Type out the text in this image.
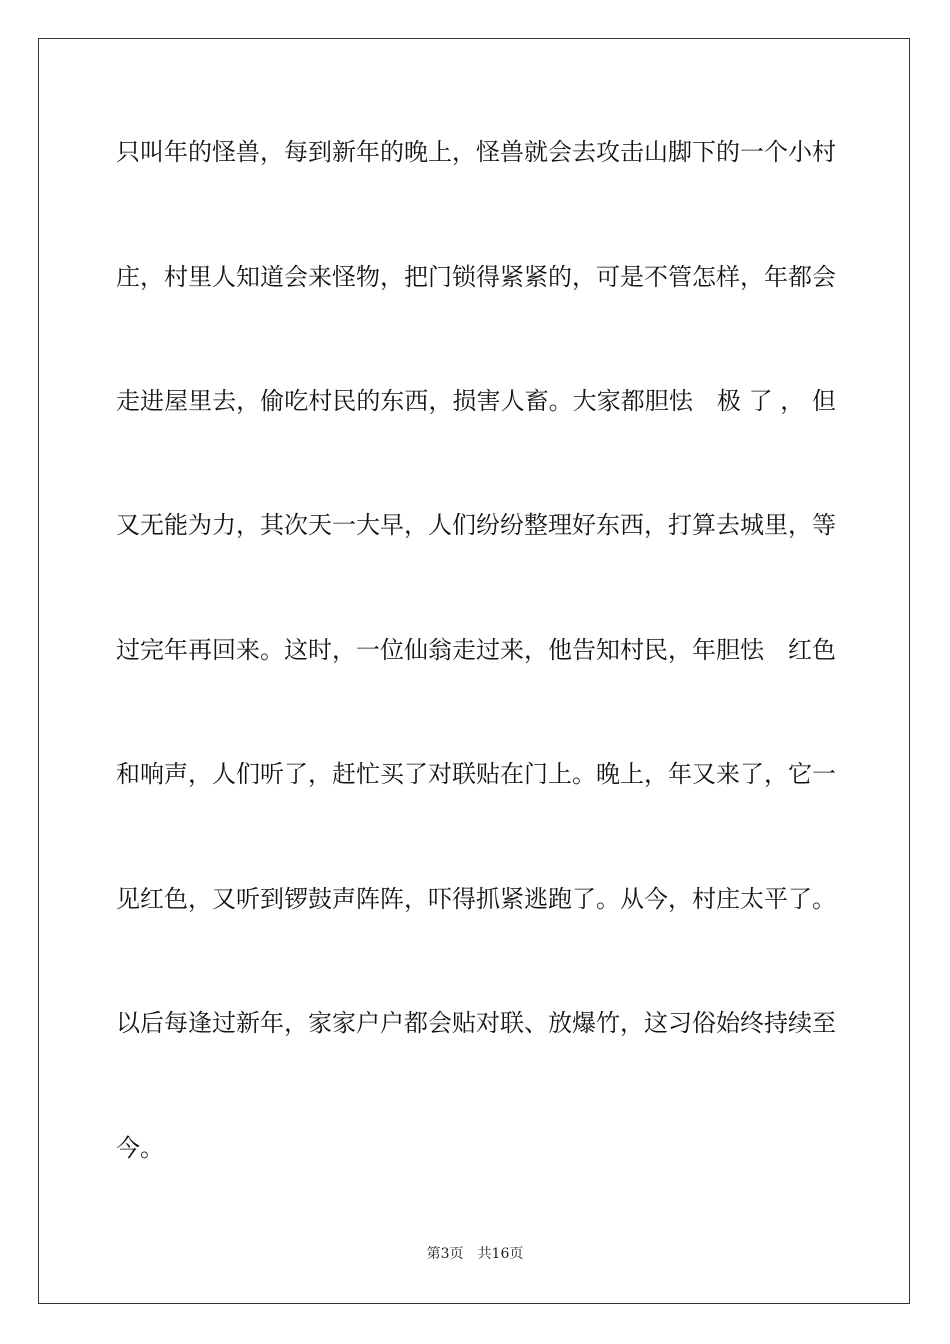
只叫年的怪兽，每到新年的晚上，怪兽就会去攻击山脚下的一个小村
庄，村里人知道会来怪物，把门锁得紧紧的，可是不管怎样，年都会
走进屋里去，偷吃村民的东西，损害人畜。大家都胆怯　极 了 ， 但
又无能为力，其次天一大早，人们纷纷整理好东西，打算去城里，等
过完年再回来。这时，一位仙翁走过来，他告知村民，年胆怯　红色
和响声，人们听了，赶忙买了对联贴在门上。晚上，年又来了，它一
见红色，又听到锣鼓声阵阵，吓得抓紧逃跑了。从今，村庄太平了。
以后每逢过新年，家家户户都会贴对联、放爆竹，这习俗始终持续至
今。
第3页　共16页
